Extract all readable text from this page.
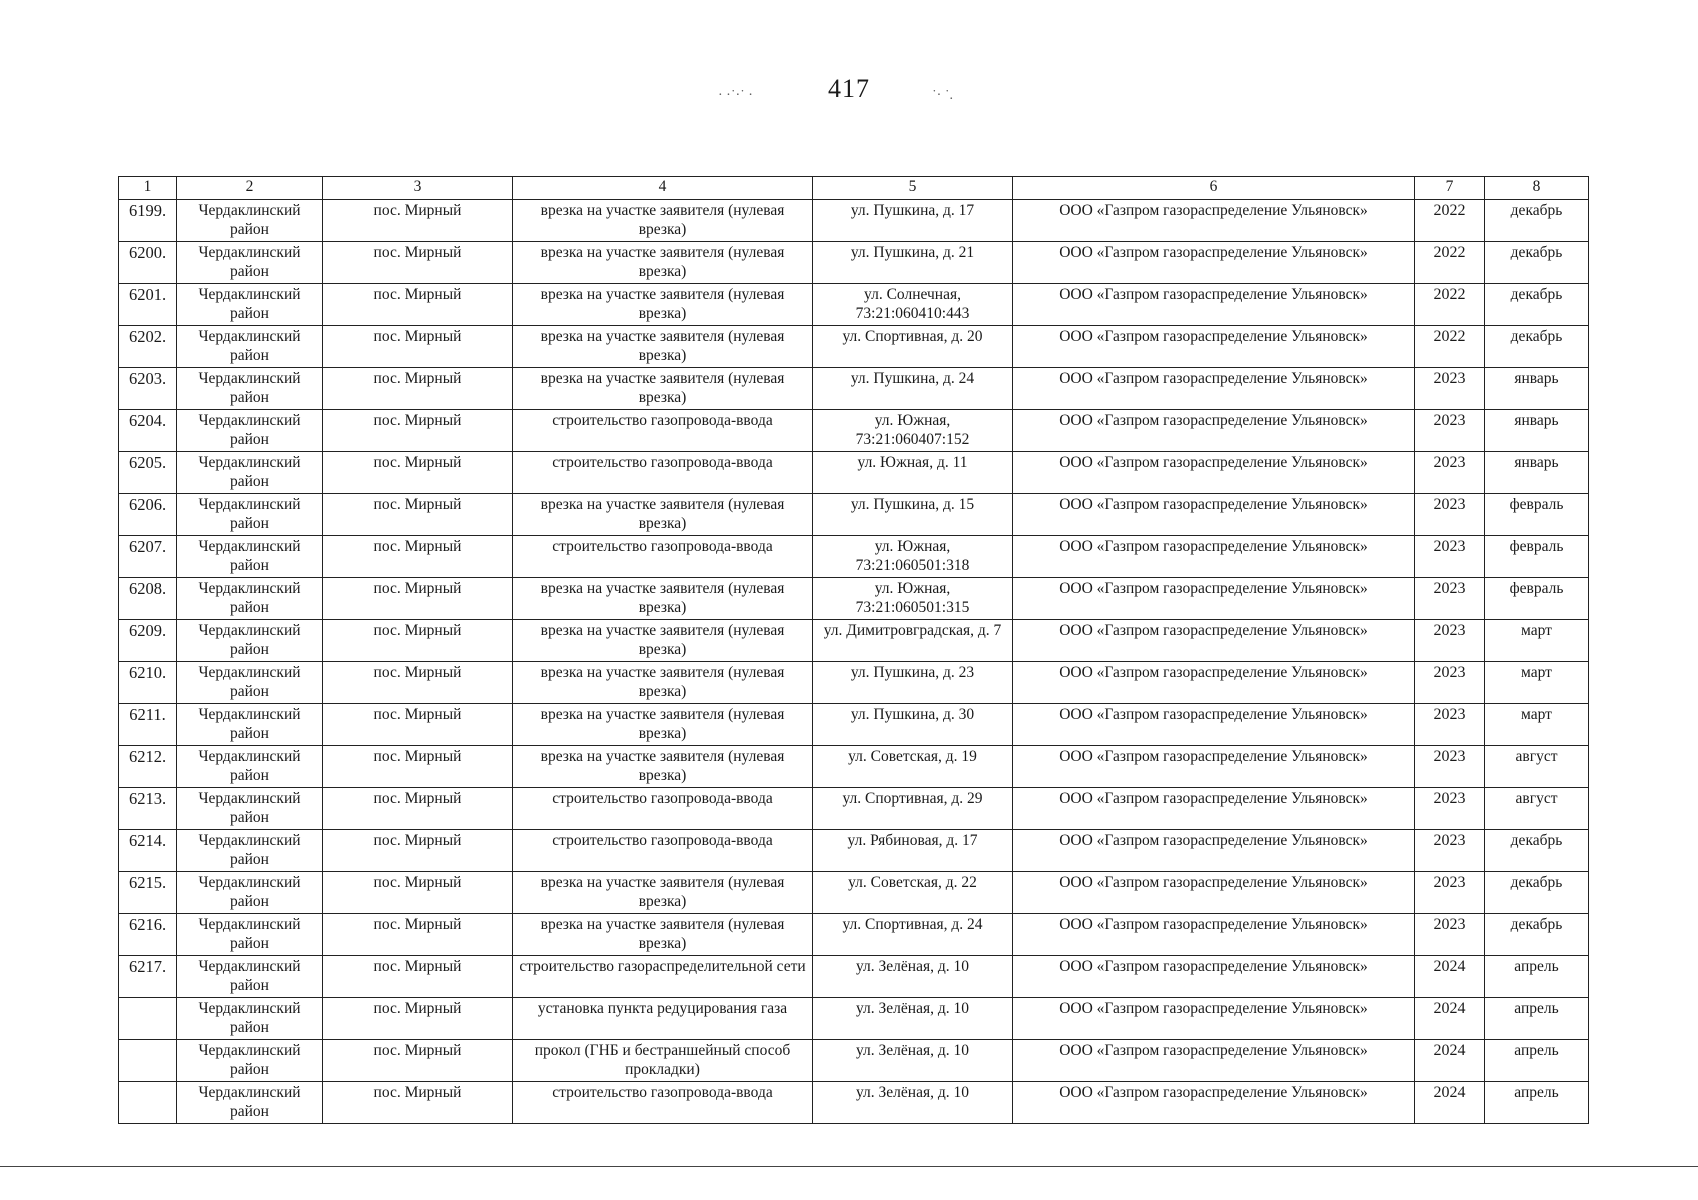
417
· ·˙·˙ ·	˙· ˙.
1	2	3	4	5	6	7	8
6199.	Чердаклинский район	пос. Мирный	врезка на участке заявителя (нулевая врезка)	ул. Пушкина, д. 17	ООО «Газпром газораспределение Ульяновск»	2022	декабрь
6200.	Чердаклинский район	пос. Мирный	врезка на участке заявителя (нулевая врезка)	ул. Пушкина, д. 21	ООО «Газпром газораспределение Ульяновск»	2022	декабрь
6201.	Чердаклинский район	пос. Мирный	врезка на участке заявителя (нулевая врезка)	ул. Солнечная, 73:21:060410:443	ООО «Газпром газораспределение Ульяновск»	2022	декабрь
6202.	Чердаклинский район	пос. Мирный	врезка на участке заявителя (нулевая врезка)	ул. Спортивная, д. 20	ООО «Газпром газораспределение Ульяновск»	2022	декабрь
6203.	Чердаклинский район	пос. Мирный	врезка на участке заявителя (нулевая врезка)	ул. Пушкина, д. 24	ООО «Газпром газораспределение Ульяновск»	2023	январь
6204.	Чердаклинский район	пос. Мирный	строительство газопровода-ввода	ул. Южная, 73:21:060407:152	ООО «Газпром газораспределение Ульяновск»	2023	январь
6205.	Чердаклинский район	пос. Мирный	строительство газопровода-ввода	ул. Южная, д. 11	ООО «Газпром газораспределение Ульяновск»	2023	январь
6206.	Чердаклинский район	пос. Мирный	врезка на участке заявителя (нулевая врезка)	ул. Пушкина, д. 15	ООО «Газпром газораспределение Ульяновск»	2023	февраль
6207.	Чердаклинский район	пос. Мирный	строительство газопровода-ввода	ул. Южная, 73:21:060501:318	ООО «Газпром газораспределение Ульяновск»	2023	февраль
6208.	Чердаклинский район	пос. Мирный	врезка на участке заявителя (нулевая врезка)	ул. Южная, 73:21:060501:315	ООО «Газпром газораспределение Ульяновск»	2023	февраль
6209.	Чердаклинский район	пос. Мирный	врезка на участке заявителя (нулевая врезка)	ул. Димитровградская, д. 7	ООО «Газпром газораспределение Ульяновск»	2023	март
6210.	Чердаклинский район	пос. Мирный	врезка на участке заявителя (нулевая врезка)	ул. Пушкина, д. 23	ООО «Газпром газораспределение Ульяновск»	2023	март
6211.	Чердаклинский район	пос. Мирный	врезка на участке заявителя (нулевая врезка)	ул. Пушкина, д. 30	ООО «Газпром газораспределение Ульяновск»	2023	март
6212.	Чердаклинский район	пос. Мирный	врезка на участке заявителя (нулевая врезка)	ул. Советская, д. 19	ООО «Газпром газораспределение Ульяновск»	2023	август
6213.	Чердаклинский район	пос. Мирный	строительство газопровода-ввода	ул. Спортивная, д. 29	ООО «Газпром газораспределение Ульяновск»	2023	август
6214.	Чердаклинский район	пос. Мирный	строительство газопровода-ввода	ул. Рябиновая, д. 17	ООО «Газпром газораспределение Ульяновск»	2023	декабрь
6215.	Чердаклинский район	пос. Мирный	врезка на участке заявителя (нулевая врезка)	ул. Советская, д. 22	ООО «Газпром газораспределение Ульяновск»	2023	декабрь
6216.	Чердаклинский район	пос. Мирный	врезка на участке заявителя (нулевая врезка)	ул. Спортивная, д. 24	ООО «Газпром газораспределение Ульяновск»	2023	декабрь
6217.	Чердаклинский район	пос. Мирный	строительство газораспределительной сети	ул. Зелёная, д. 10	ООО «Газпром газораспределение Ульяновск»	2024	апрель
	Чердаклинский район	пос. Мирный	установка пункта редуцирования газа	ул. Зелёная, д. 10	ООО «Газпром газораспределение Ульяновск»	2024	апрель
	Чердаклинский район	пос. Мирный	прокол (ГНБ и бестраншейный способ прокладки)	ул. Зелёная, д. 10	ООО «Газпром газораспределение Ульяновск»	2024	апрель
	Чердаклинский район	пос. Мирный	строительство газопровода-ввода	ул. Зелёная, д. 10	ООО «Газпром газораспределение Ульяновск»	2024	апрель
